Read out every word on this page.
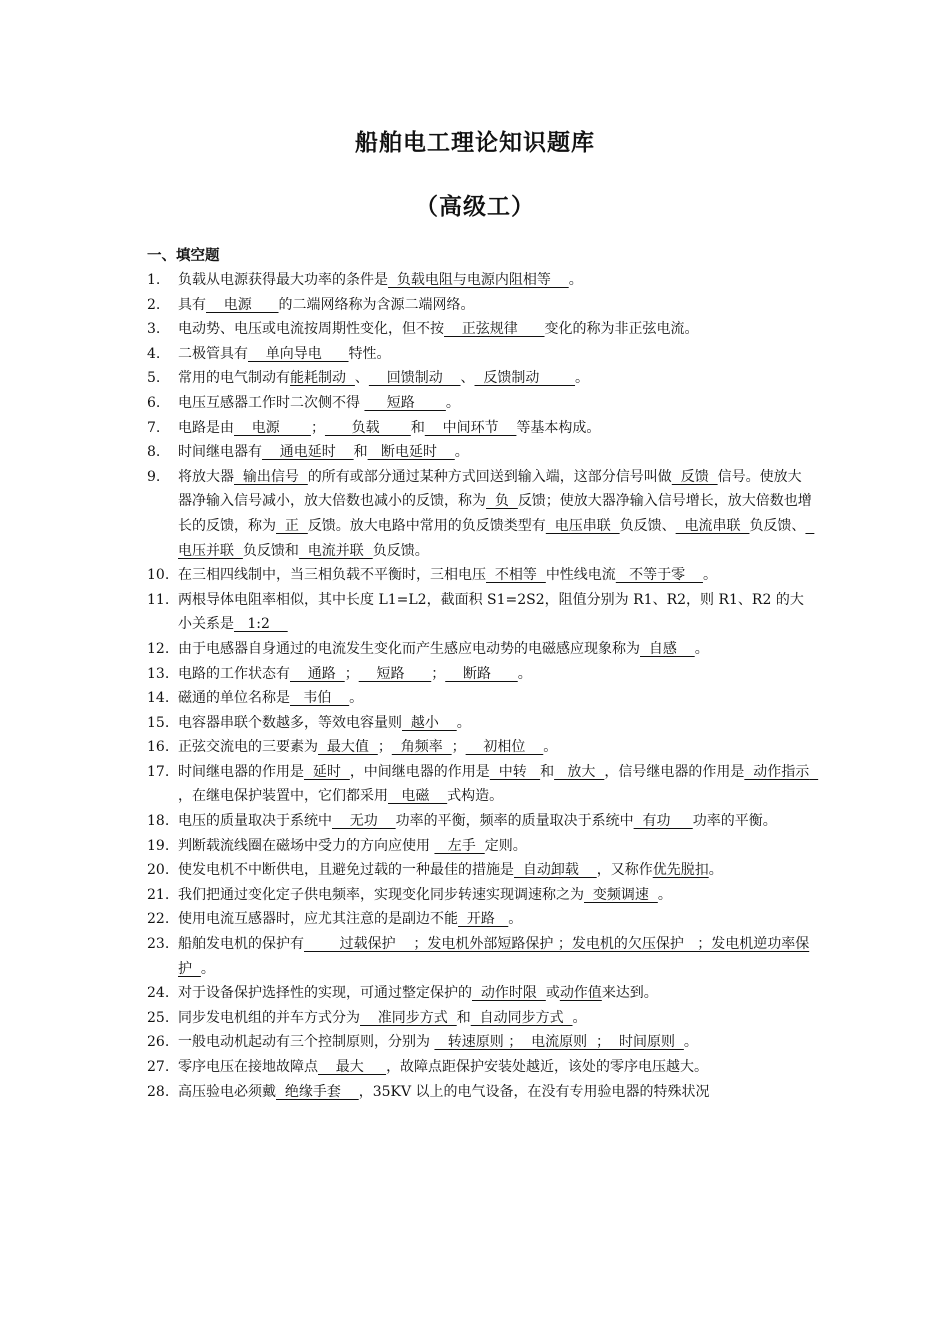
船舶电工理论知识题库
（高级工）
一、填空题
1.	负载从电源获得最大功率的条件是  负载电阻与电源内阻相等    。
2.	具有    电源      的二端网络称为含源二端网络。
3.	电动势、电压或电流按周期性变化，但不按    正弦规律      变化的称为非正弦电流。
4.	二极管具有    单向导电      特性。
5.	常用的电气制动有能耗制动  、    回馈制动    、  反馈制动        。
6.	电压互感器工作时二次侧不得      短路       。
7.	电路是由    电源       ；      负载       和    中间环节    等基本构成。
8.	时间继电器有    通电延时    和   断电延时    。
9.	将放大器  输出信号  的所有或部分通过某种方式回送到输入端，这部分信号叫做  反馈  信号。使放大器净输入信号减小，放大倍数也减小的反馈，称为  负  反馈；使放大器净输入信号增长，放大倍数也增长的反馈，称为  正  反馈。放大电路中常用的负反馈类型有  电压串联  负反馈、  电流串联  负反馈、  电压并联  负反馈和  电流并联  负反馈。
10. 在三相四线制中，当三相负载不平衡时，三相电压  不相等  中性线电流   不等于零    。
11. 两根导体电阻率相似，其中长度 L1=L2，截面积 S1=2S2，阻值分别为 R1、R2，则 R1、R2 的大小关系是   1:2
12. 由于电感器自身通过的电流发生变化而产生感应电动势的电磁感应现象称为  自感    。
13. 电路的工作状态有    通路  ；    短路      ；    断路      。
14. 磁通的单位名称是   韦伯    。
15. 电容器串联个数越多，等效电容量则  越小    。
16. 正弦交流电的三要素为  最大值  ；  角频率  ；    初相位    。
17. 时间继电器的作用是  延时  ，中间继电器的作用是  中转   和   放大  ，信号继电器的作用是  动作指示  ，在继电保护装置中，它们都采用   电磁    式构造。
18. 电压的质量取决于系统中    无功    功率的平衡，频率的质量取决于系统中  有功     功率的平衡。
19. 判断载流线圈在磁场中受力的方向应使用    左手  定则。
20. 使发电机不中断供电，且避免过载的一种最佳的措施是  自动卸载    ，又称作优先脱扣。
21. 我们把通过变化定子供电频率，实现变化同步转速实现调速称之为  变频调速  。
22. 使用电流互感器时，应尤其注意的是副边不能  开路   。
23. 船舶发电机的保护有        过载保护    ；发电机外部短路保护 ；发电机的欠压保护   ；发电机逆功率保护  。
24. 对于设备保护选择性的实现，可通过整定保护的  动作时限  或动作值来达到。
25. 同步发电机组的并车方式分为    准同步方式  和  自动同步方式  。
26. 一般电动机起动有三个控制原则，分别为    转速原则 ；  电流原则  ；  时间原则  。
27. 零序电压在接地故障点    最大     ，故障点距保护安装处越近，该处的零序电压越大。
28. 高压验电必须戴  绝缘手套    ，35KV 以上的电气设备，在没有专用验电器的特殊状况
